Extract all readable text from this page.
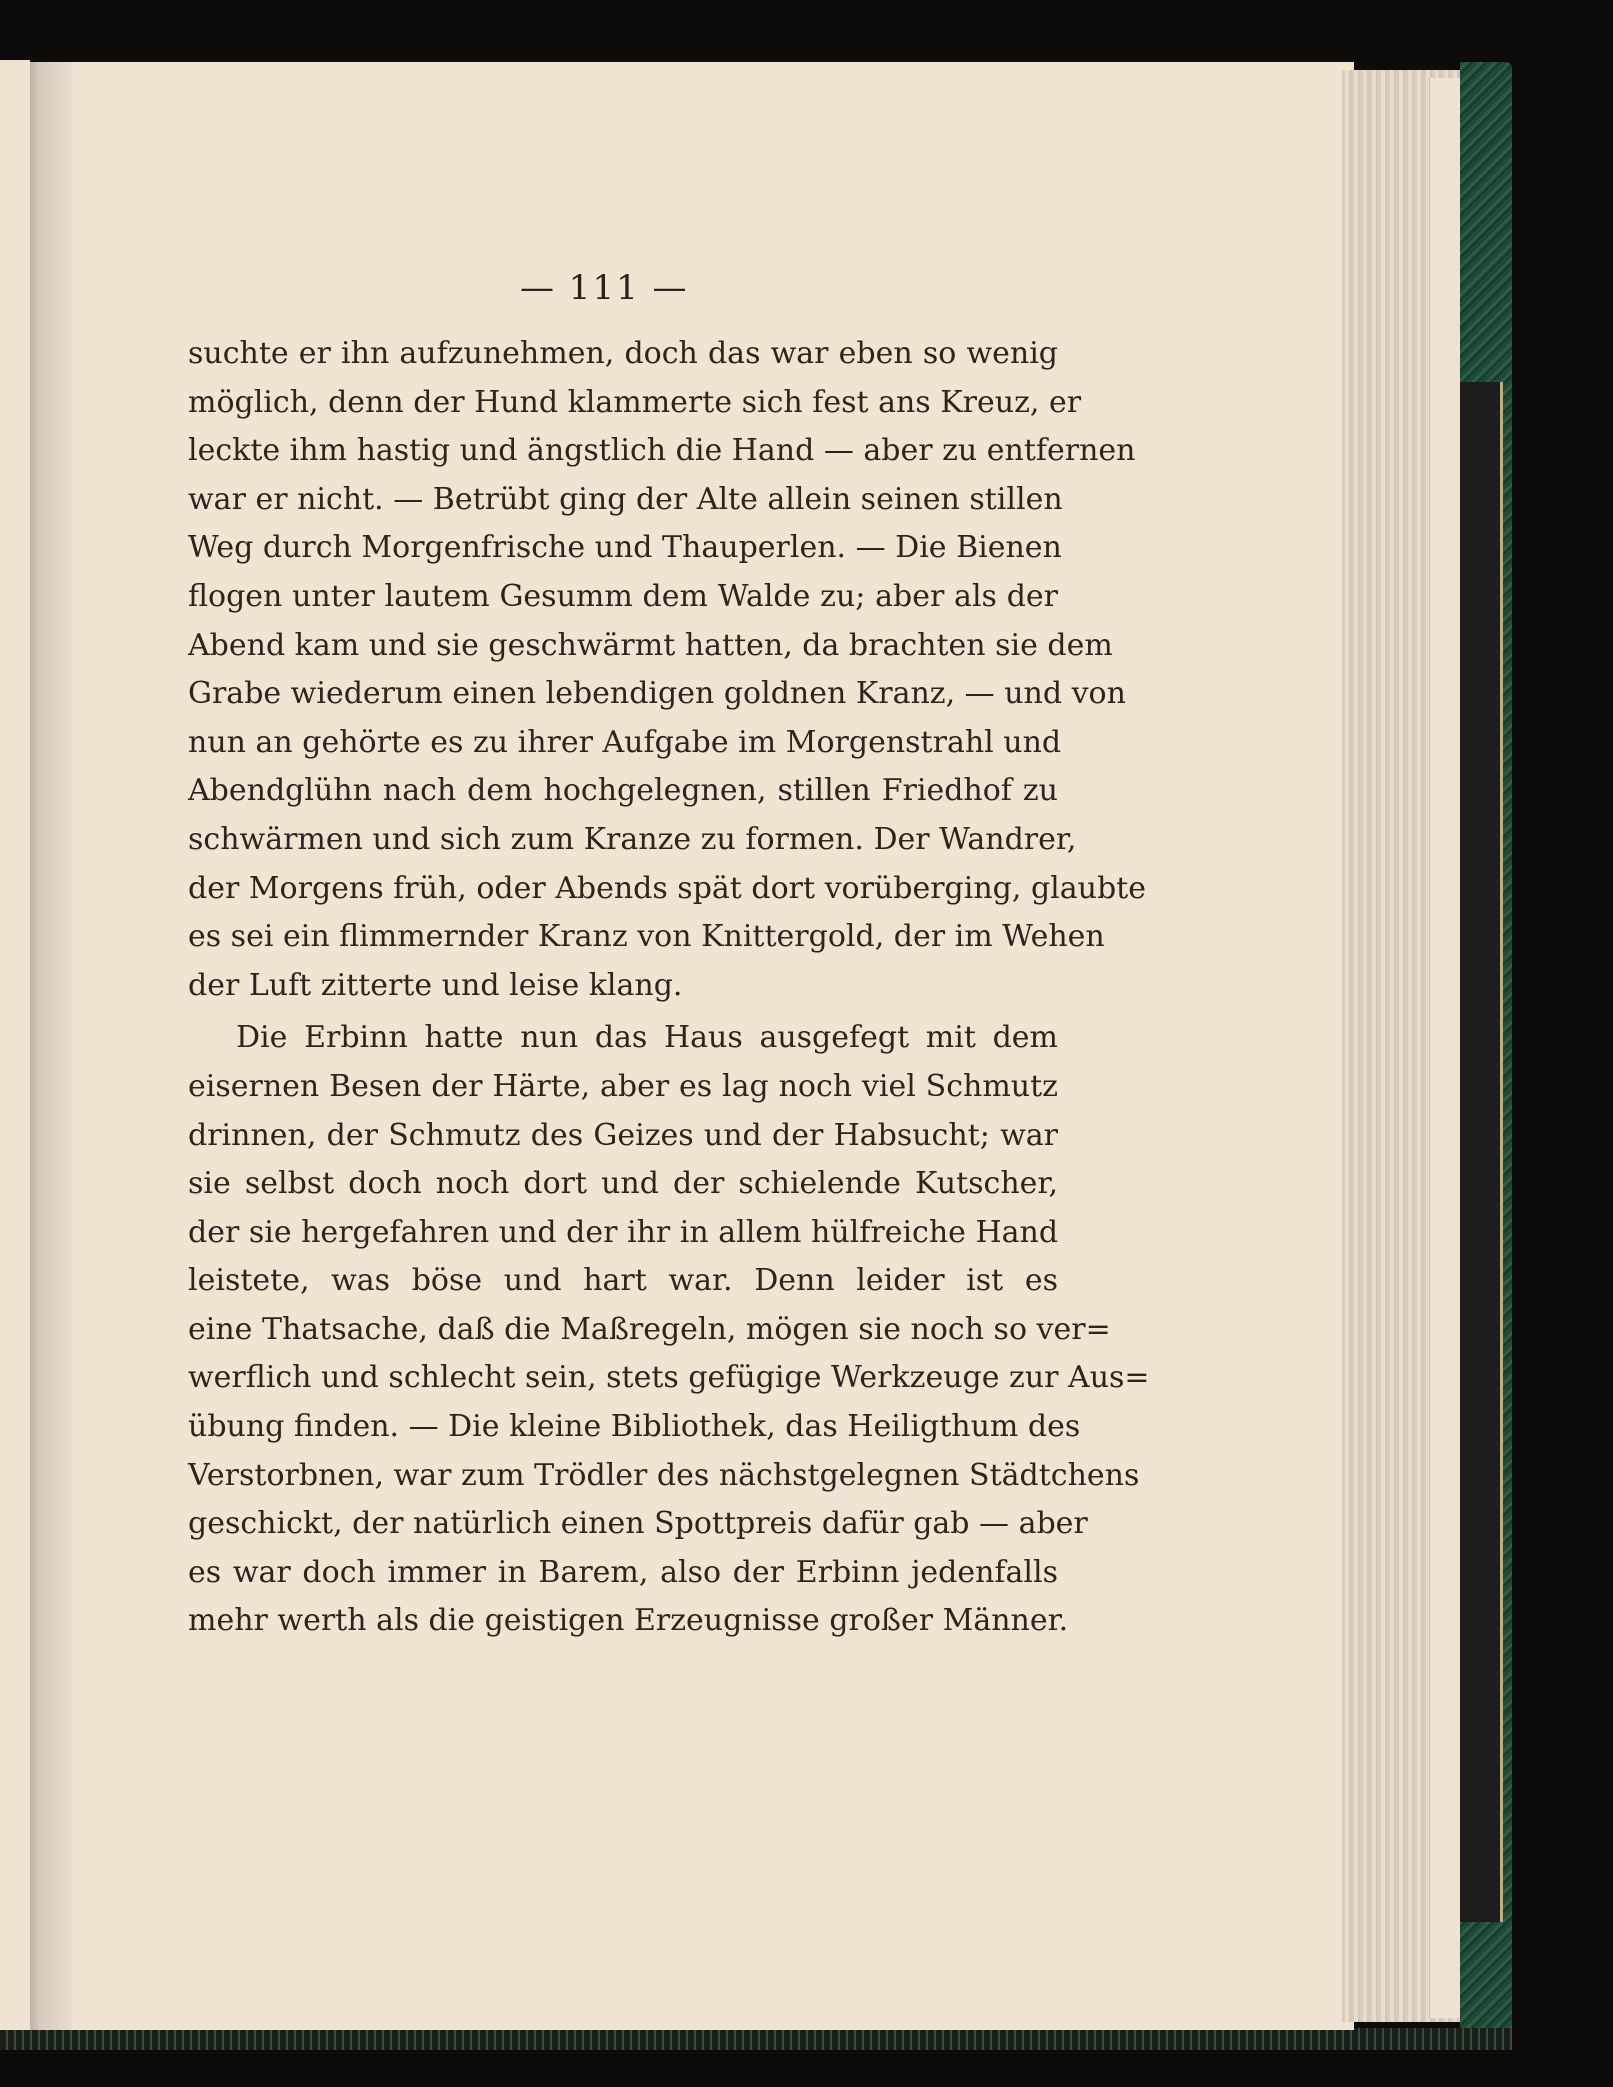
— 111 —
suchte er ihn aufzunehmen, doch das war eben so wenig
möglich, denn der Hund klammerte sich fest ans Kreuz, er
leckte ihm hastig und ängstlich die Hand — aber zu entfernen
war er nicht. — Betrübt ging der Alte allein seinen stillen
Weg durch Morgenfrische und Thauperlen. — Die Bienen
flogen unter lautem Gesumm dem Walde zu; aber als der
Abend kam und sie geschwärmt hatten, da brachten sie dem
Grabe wiederum einen lebendigen goldnen Kranz, — und von
nun an gehörte es zu ihrer Aufgabe im Morgenstrahl und
Abendglühn nach dem hochgelegnen, stillen Friedhof zu
schwärmen und sich zum Kranze zu formen. Der Wandrer,
der Morgens früh, oder Abends spät dort vorüberging, glaubte
es sei ein flimmernder Kranz von Knittergold, der im Wehen
der Luft zitterte und leise klang.
Die Erbinn hatte nun das Haus ausgefegt mit dem
eisernen Besen der Härte, aber es lag noch viel Schmutz
drinnen, der Schmutz des Geizes und der Habsucht; war
sie selbst doch noch dort und der schielende Kutscher,
der sie hergefahren und der ihr in allem hülfreiche Hand
leistete, was böse und hart war. Denn leider ist es
eine Thatsache, daß die Maßregeln, mögen sie noch so ver=
werflich und schlecht sein, stets gefügige Werkzeuge zur Aus=
übung finden. — Die kleine Bibliothek, das Heiligthum des
Verstorbnen, war zum Trödler des nächstgelegnen Städtchens
geschickt, der natürlich einen Spottpreis dafür gab — aber
es war doch immer in Barem, also der Erbinn jedenfalls
mehr werth als die geistigen Erzeugnisse großer Männer.
